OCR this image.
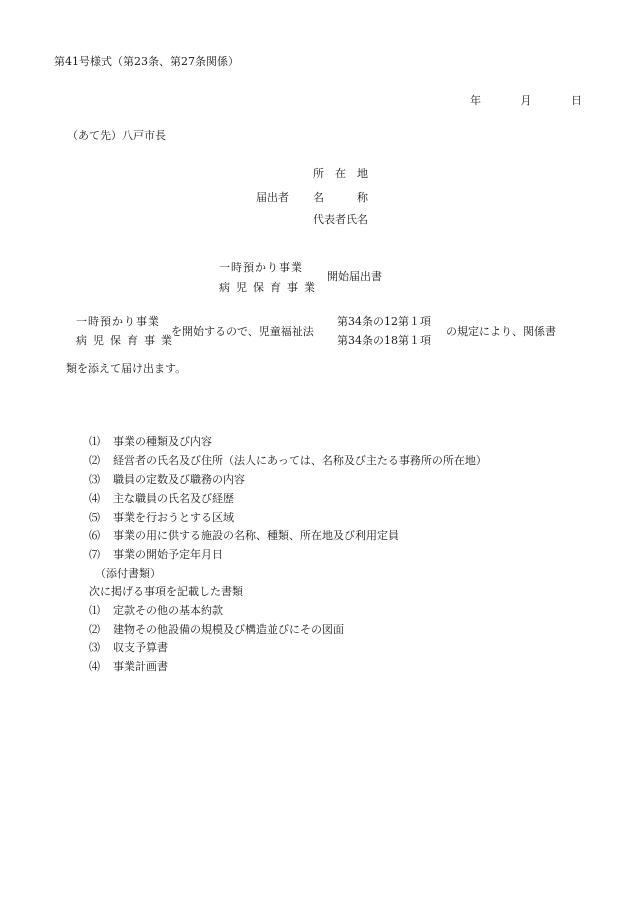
第41号様式（第23条、第27条関係）
年	月	日
（あて先）八戸市長
届出者
所　在　地
名　　　称
代表者氏名
一時預かり事業
病児保育事業
開始届出書
一時預かり事業
病児保育事業
を開始するので、児童福祉法
第34条の12第１項
第34条の18第１項
の規定により、関係書
類を添えて届け出ます。
⑴ 事業の種類及び内容
⑵ 経営者の氏名及び住所（法人にあっては、名称及び主たる事務所の所在地）
⑶ 職員の定数及び職務の内容
⑷ 主な職員の氏名及び経歴
⑸ 事業を行おうとする区域
⑹ 事業の用に供する施設の名称、種類、所在地及び利用定員
⑺ 事業の開始予定年月日
（添付書類）
次に掲げる事項を記載した書類
⑴ 定款その他の基本約款
⑵ 建物その他設備の規模及び構造並びにその図面
⑶ 収支予算書
⑷ 事業計画書
